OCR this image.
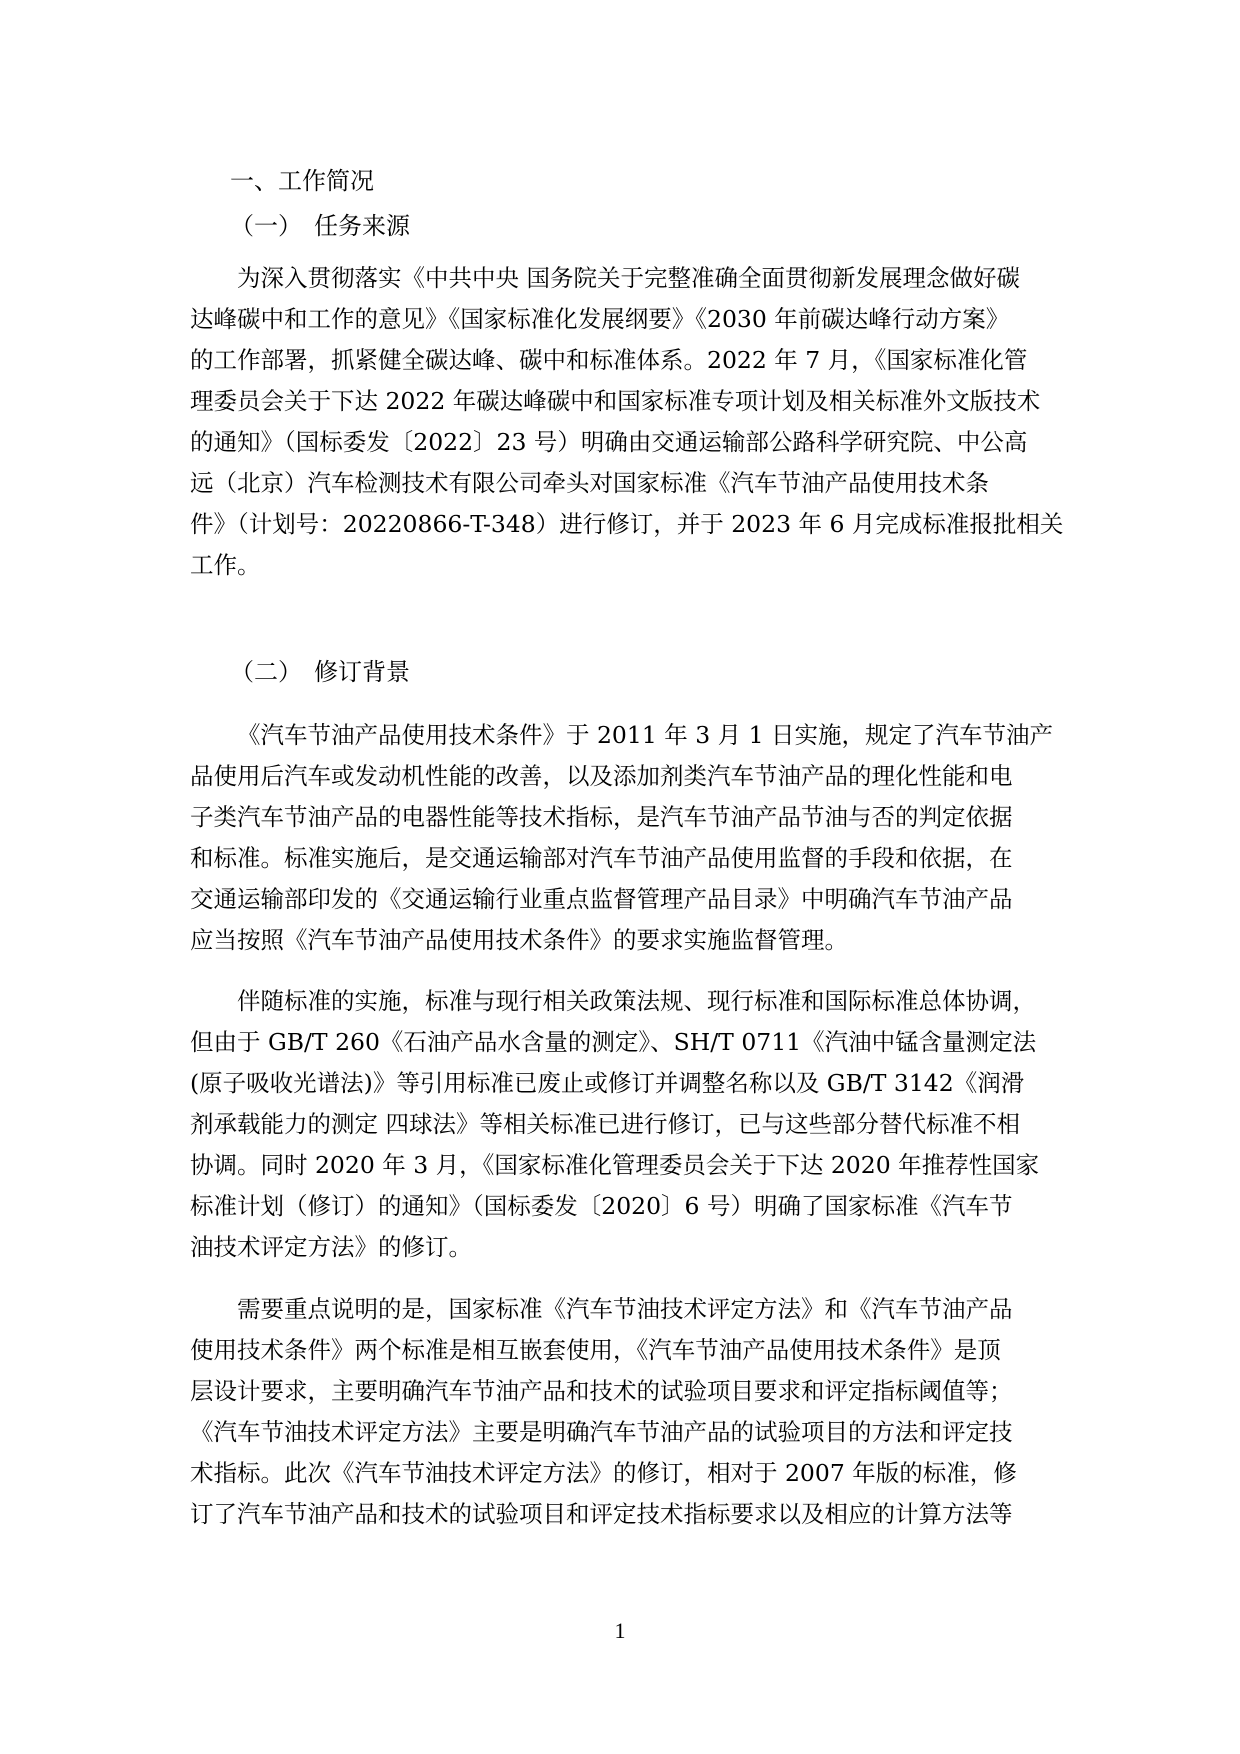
一、工作简况
（一）　任务来源
为深入贯彻落实《中共中央 国务院关于完整准确全面贯彻新发展理念做好碳
达峰碳中和工作的意见》《国家标准化发展纲要》《2030 年前碳达峰行动方案》
的工作部署，抓紧健全碳达峰、碳中和标准体系。2022 年 7 月，《国家标准化管
理委员会关于下达 2022 年碳达峰碳中和国家标准专项计划及相关标准外文版技术
的通知》（国标委发〔2022〕23 号）明确由交通运输部公路科学研究院、中公高
远（北京）汽车检测技术有限公司牵头对国家标准《汽车节油产品使用技术条
件》（计划号：20220866-T-348）进行修订，并于 2023 年 6 月完成标准报批相关
工作。
（二）　修订背景
《汽车节油产品使用技术条件》于 2011 年 3 月 1 日实施，规定了汽车节油产
品使用后汽车或发动机性能的改善，以及添加剂类汽车节油产品的理化性能和电
子类汽车节油产品的电器性能等技术指标，是汽车节油产品节油与否的判定依据
和标准。标准实施后，是交通运输部对汽车节油产品使用监督的手段和依据，在
交通运输部印发的《交通运输行业重点监督管理产品目录》中明确汽车节油产品
应当按照《汽车节油产品使用技术条件》的要求实施监督管理。
伴随标准的实施，标准与现行相关政策法规、现行标准和国际标准总体协调，
但由于 GB/T 260《石油产品水含量的测定》、SH/T 0711《汽油中锰含量测定法
(原子吸收光谱法)》等引用标准已废止或修订并调整名称以及 GB/T 3142《润滑
剂承载能力的测定 四球法》等相关标准已进行修订，已与这些部分替代标准不相
协调。同时 2020 年 3 月，《国家标准化管理委员会关于下达 2020 年推荐性国家
标准计划（修订）的通知》（国标委发〔2020〕6 号）明确了国家标准《汽车节
油技术评定方法》的修订。
需要重点说明的是，国家标准《汽车节油技术评定方法》和《汽车节油产品
使用技术条件》两个标准是相互嵌套使用，《汽车节油产品使用技术条件》是顶
层设计要求，主要明确汽车节油产品和技术的试验项目要求和评定指标阈值等；
《汽车节油技术评定方法》主要是明确汽车节油产品的试验项目的方法和评定技
术指标。此次《汽车节油技术评定方法》的修订，相对于 2007 年版的标准，修
订了汽车节油产品和技术的试验项目和评定技术指标要求以及相应的计算方法等
1
